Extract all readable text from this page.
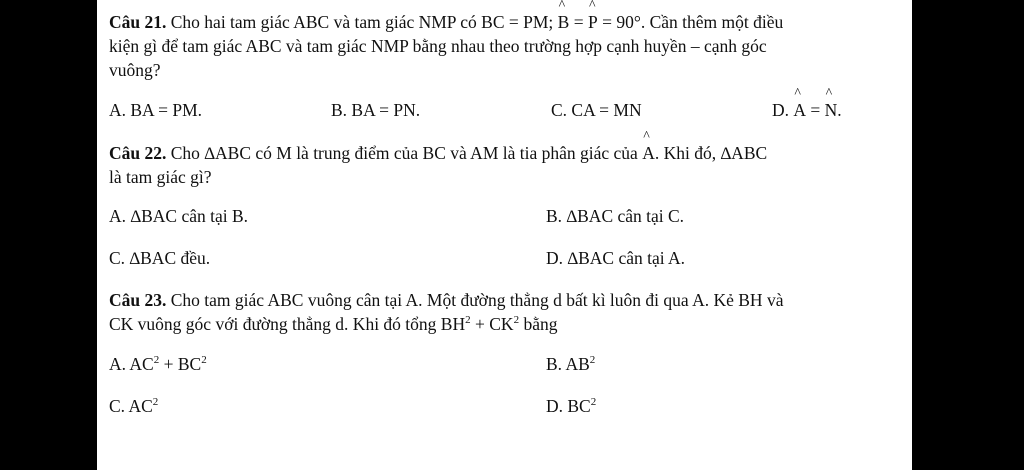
Câu 21. Cho hai tam giác ABC và tam giác NMP có BC = PM; ^ B = ^ P = 90°. Cần thêm một điều
kiện gì để tam giác ABC và tam giác NMP bằng nhau theo trường hợp cạnh huyền – cạnh góc
vuông?

A. BA = PM.	B. BA = PN.	C. CA = MN	D. ^ A = ^ N.

Câu 22. Cho ∆ABC có M là trung điểm của BC và AM là tia phân giác của ^ A. Khi đó, ∆ABC
là tam giác gì?

A. ∆BAC cân tại B.	B. ∆BAC cân tại C.
C. ∆BAC đều.	D. ∆BAC cân tại A.

Câu 23. Cho tam giác ABC vuông cân tại A. Một đường thẳng d bất kì luôn đi qua A. Kẻ BH và
CK vuông góc với đường thẳng d. Khi đó tổng $BH^2 + CK^2$ bằng

A. $AC^2 + BC^2$	B. $AB^2$
C. $AC^2$	D. $BC^2$
